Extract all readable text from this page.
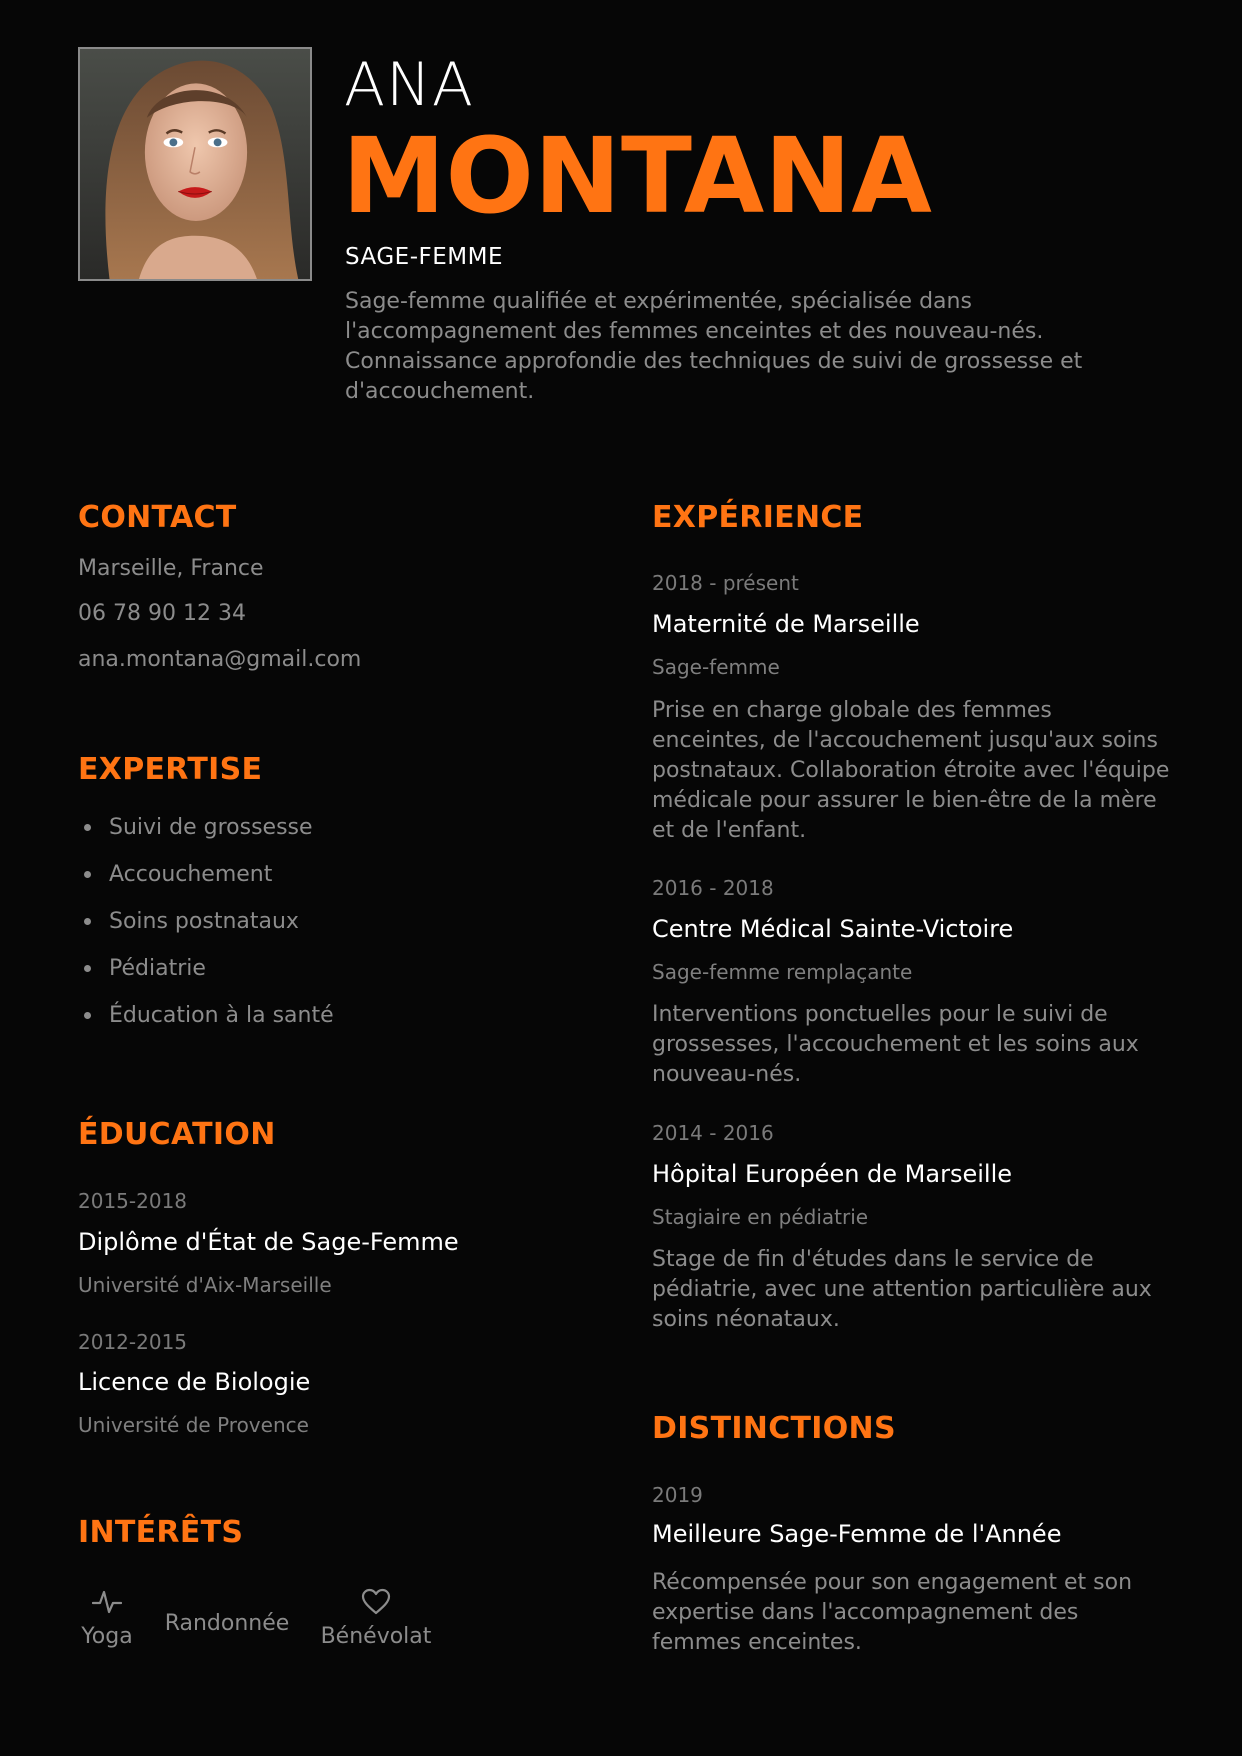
ANA
MONTANA
SAGE-FEMME
Sage-femme qualifiée et expérimentée, spécialisée dans l'accompagnement des femmes enceintes et des nouveau-nés. Connaissance approfondie des techniques de suivi de grossesse et d'accouchement.
CONTACT
Marseille, France
06 78 90 12 34
ana.montana@gmail.com
EXPERTISE
Suivi de grossesse
Accouchement
Soins postnataux
Pédiatrie
Éducation à la santé
ÉDUCATION
2015-2018
Diplôme d'État de Sage-Femme
Université d'Aix-Marseille
2012-2015
Licence de Biologie
Université de Provence
INTÉRÊTS
Yoga
Randonnée
Bénévolat
EXPÉRIENCE
2018 - présent
Maternité de Marseille
Sage-femme
Prise en charge globale des femmes enceintes, de l'accouchement jusqu'aux soins postnataux. Collaboration étroite avec l'équipe médicale pour assurer le bien-être de la mère et de l'enfant.
2016 - 2018
Centre Médical Sainte-Victoire
Sage-femme remplaçante
Interventions ponctuelles pour le suivi de grossesses, l'accouchement et les soins aux nouveau-nés.
2014 - 2016
Hôpital Européen de Marseille
Stagiaire en pédiatrie
Stage de fin d'études dans le service de pédiatrie, avec une attention particulière aux soins néonataux.
DISTINCTIONS
2019
Meilleure Sage-Femme de l'Année
Récompensée pour son engagement et son expertise dans l'accompagnement des femmes enceintes.
